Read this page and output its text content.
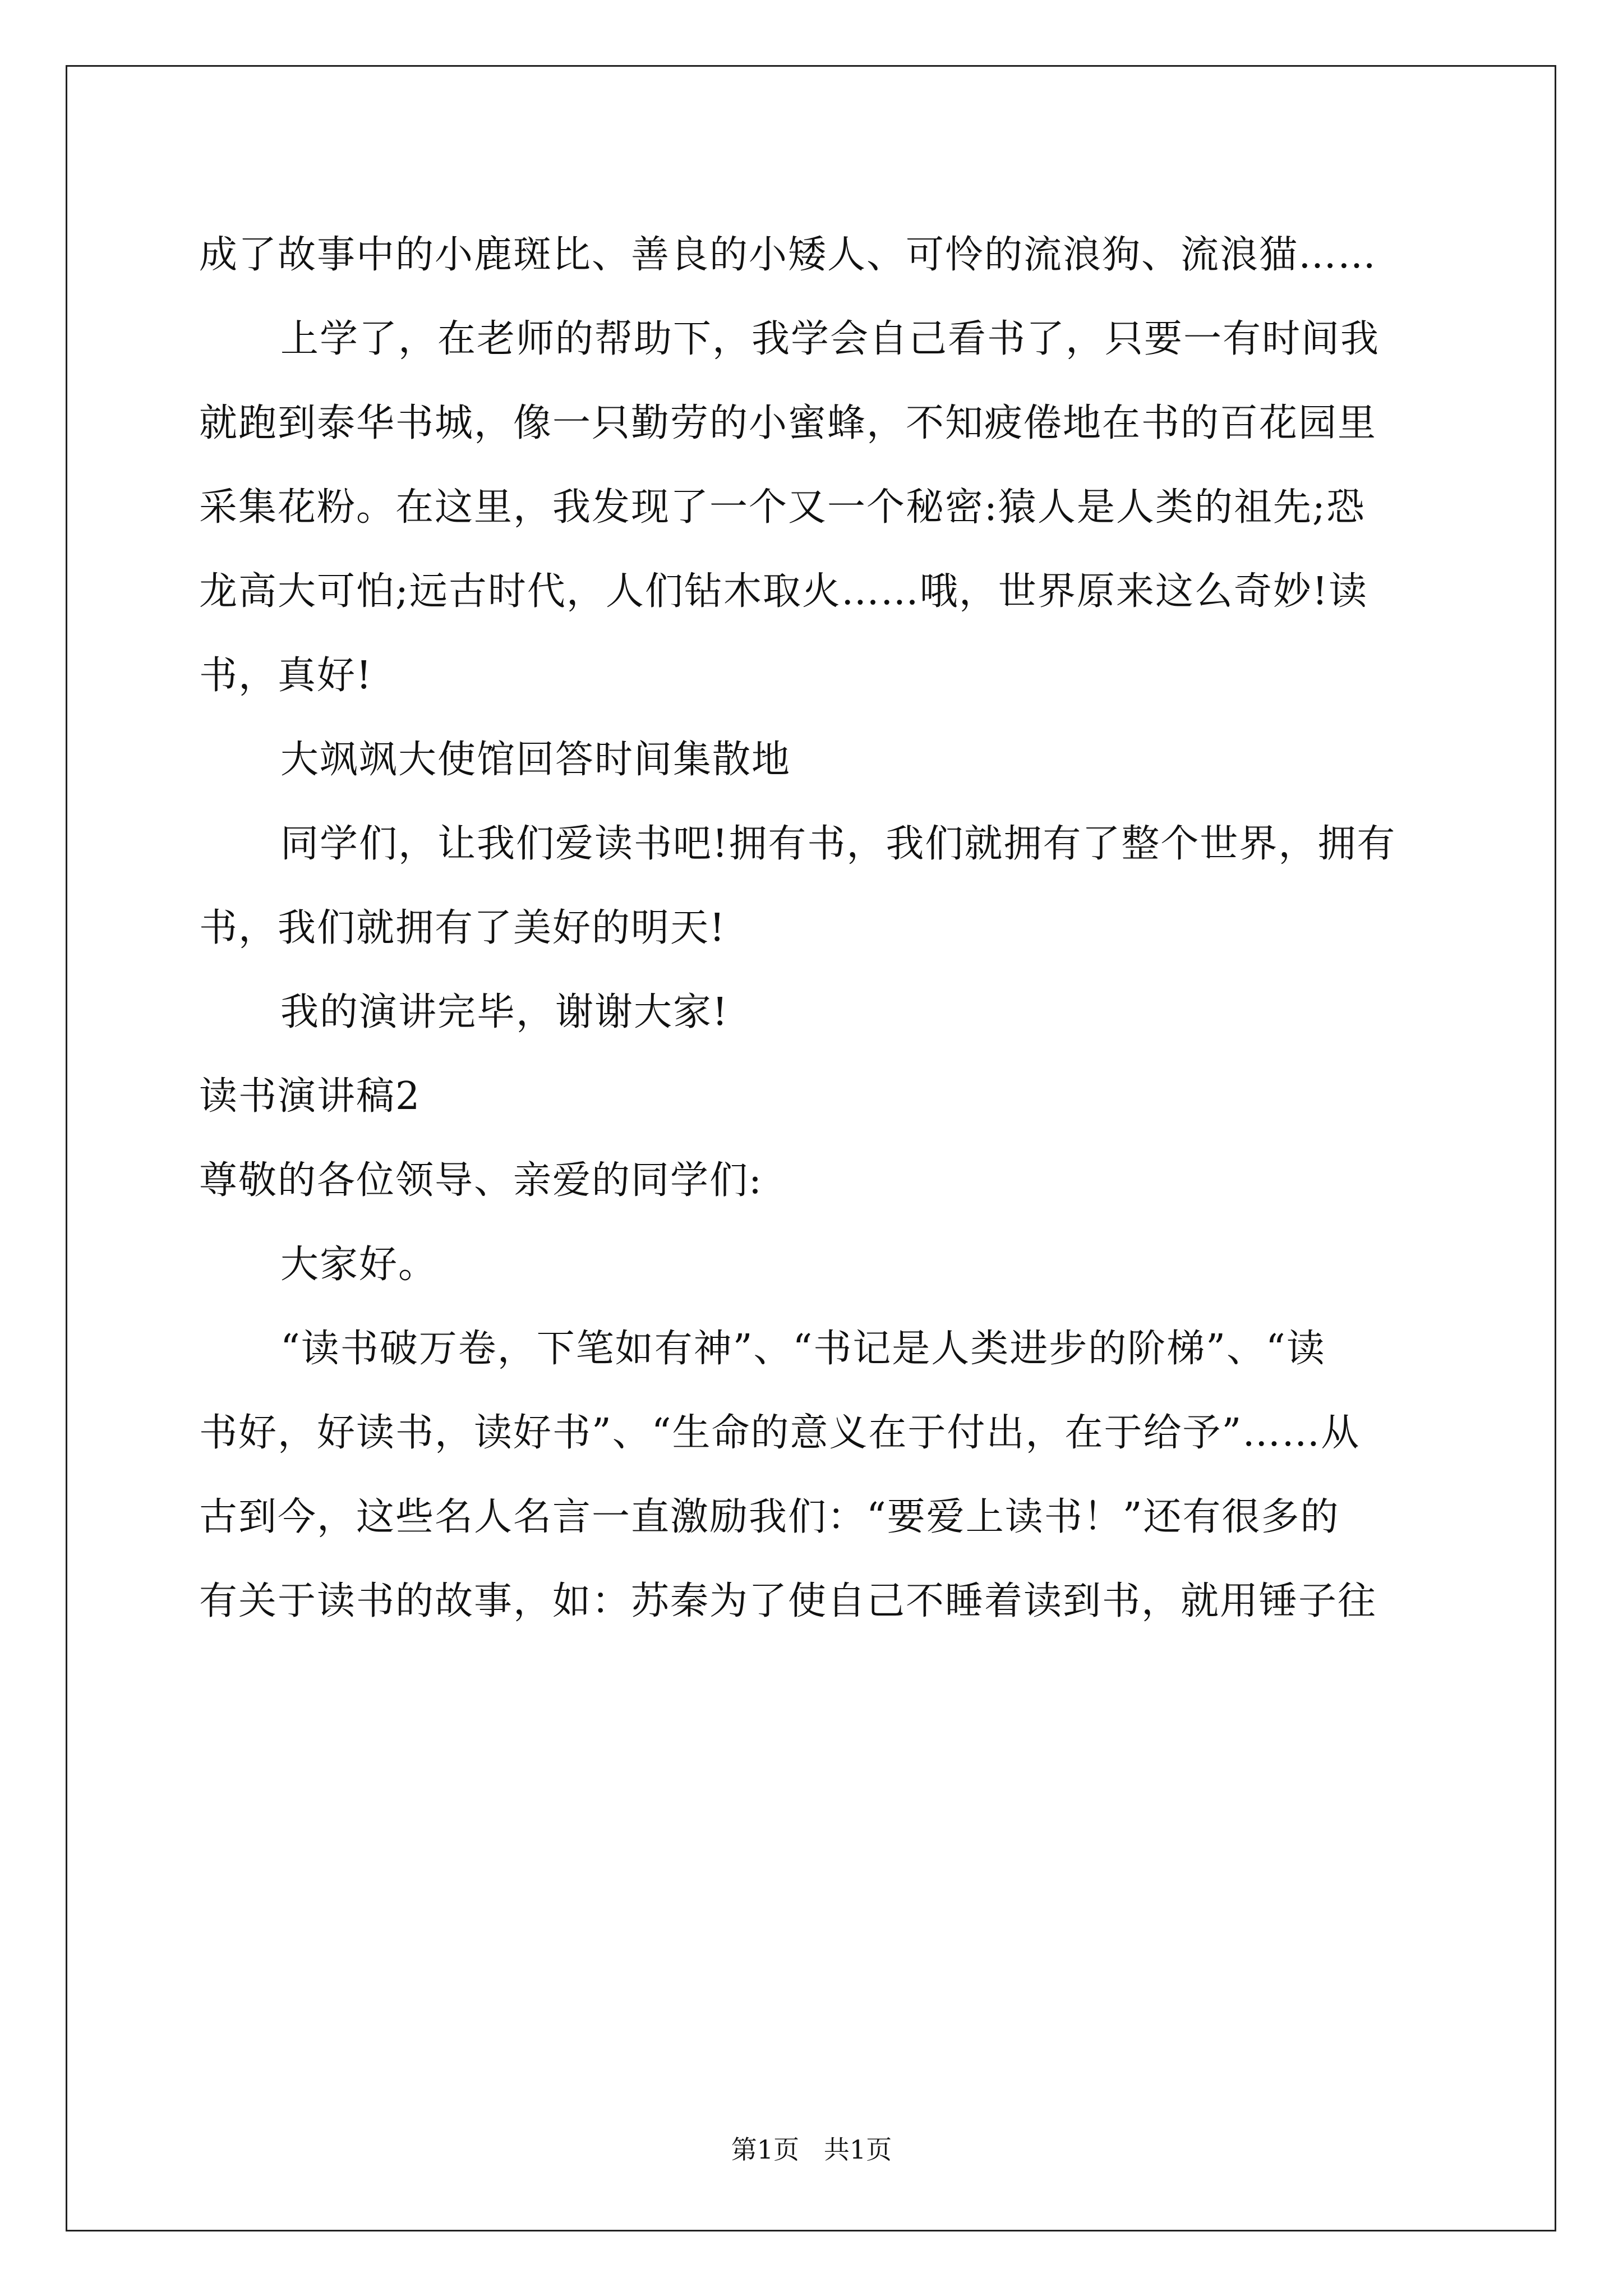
成了故事中的小鹿斑比、善良的小矮人、可怜的流浪狗、流浪猫……
上学了，在老师的帮助下，我学会自己看书了，只要一有时间我
就跑到泰华书城，像一只勤劳的小蜜蜂，不知疲倦地在书的百花园里
采集花粉。在这里，我发现了一个又一个秘密:猿人是人类的祖先;恐
龙高大可怕;远古时代，人们钻木取火……哦，世界原来这么奇妙!读
书，真好!
大飒飒大使馆回答时间集散地
同学们，让我们爱读书吧!拥有书，我们就拥有了整个世界，拥有
书，我们就拥有了美好的明天!
我的演讲完毕，谢谢大家!
读书演讲稿2
尊敬的各位领导、亲爱的同学们:
大家好。
“读书破万卷，下笔如有神”、“书记是人类进步的阶梯”、“读
书好，好读书，读好书”、“生命的意义在于付出，在于给予”……从
古到今，这些名人名言一直激励我们：“要爱上读书！”还有很多的
有关于读书的故事，如：苏秦为了使自己不睡着读到书，就用锤子往
第1页   共1页
